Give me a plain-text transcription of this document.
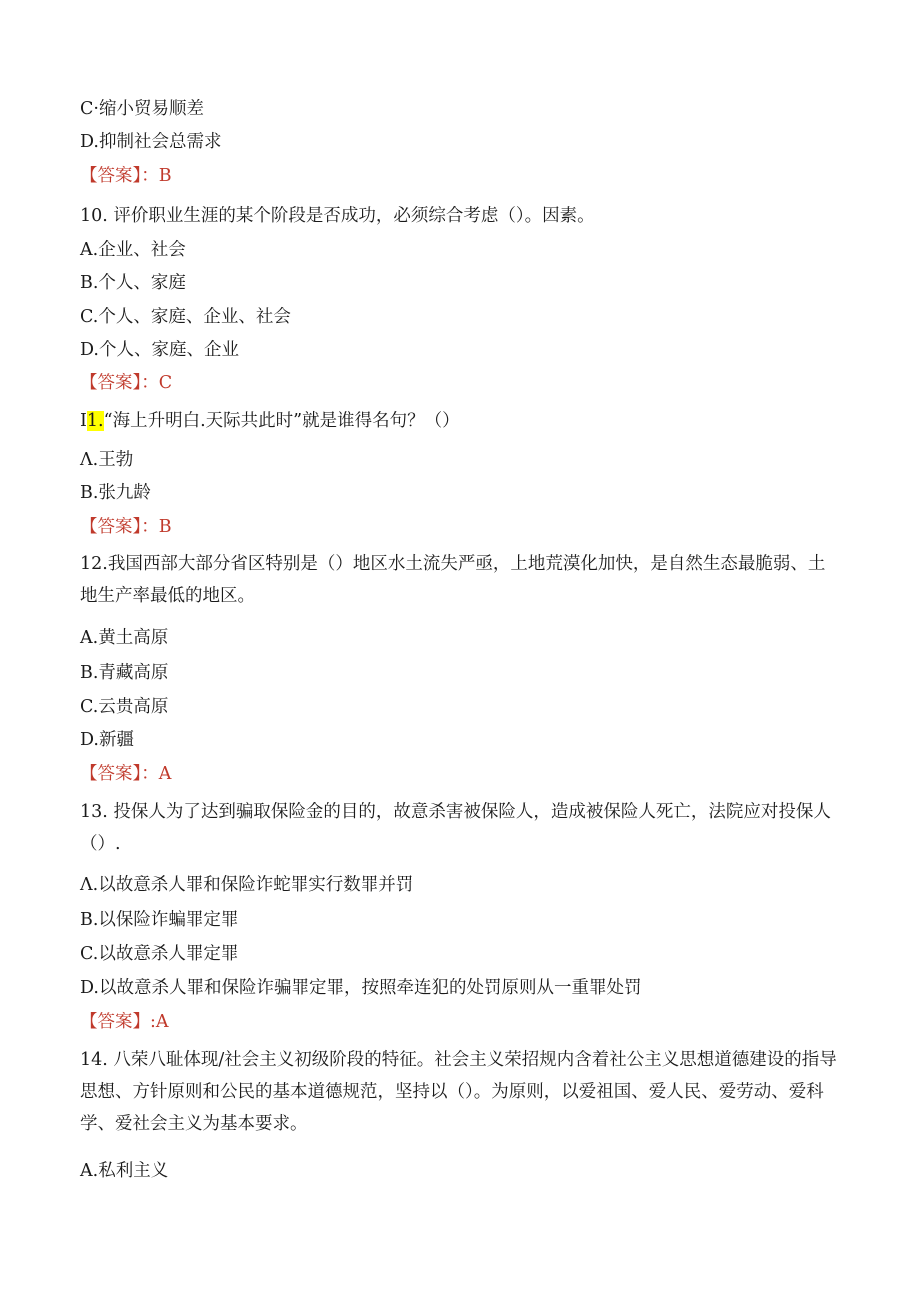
C·缩小贸易顺差
D.抑制社会总需求
【答案】：B
10. 评价职业生涯的某个阶段是否成功，必须综合考虑（）。因素。
A.企业、社会
B.个人、家庭
C.个人、家庭、企业、社会
D.个人、家庭、企业
【答案】：C
I1.“海上升明白.天际共此时”就是谁得名句？（）
Λ.王勃
B.张九龄
【答案】：B
12.我国西部大部分省区特别是（）地区水土流失严亟，上地荒漠化加快，是自然生态最脆弱、土地生产率最低的地区。
A.黄土高原
B.青藏高原
C.云贵高原
D.新疆
【答案】：A
13. 投保人为了达到骗取保险金的目的，故意杀害被保险人，造成被保险人死亡，法院应对投保人（）.
Λ.以故意杀人罪和保险诈蛇罪实行数罪并罚
B.以保险诈蝙罪定罪
C.以故意杀人罪定罪
D.以故意杀人罪和保险诈骗罪定罪，按照牵连犯的处罚原则从一重罪处罚
【答案】:A
14. 八荣八耻体现/社会主义初级阶段的特征。社会主义荣招规内含着社公主义思想道德建设的指导思想、方针原则和公民的基本道德规范，坚持以（）。为原则，以爱祖国、爱人民、爱劳动、爱科学、爱社会主义为基本要求。
A.私利主义
